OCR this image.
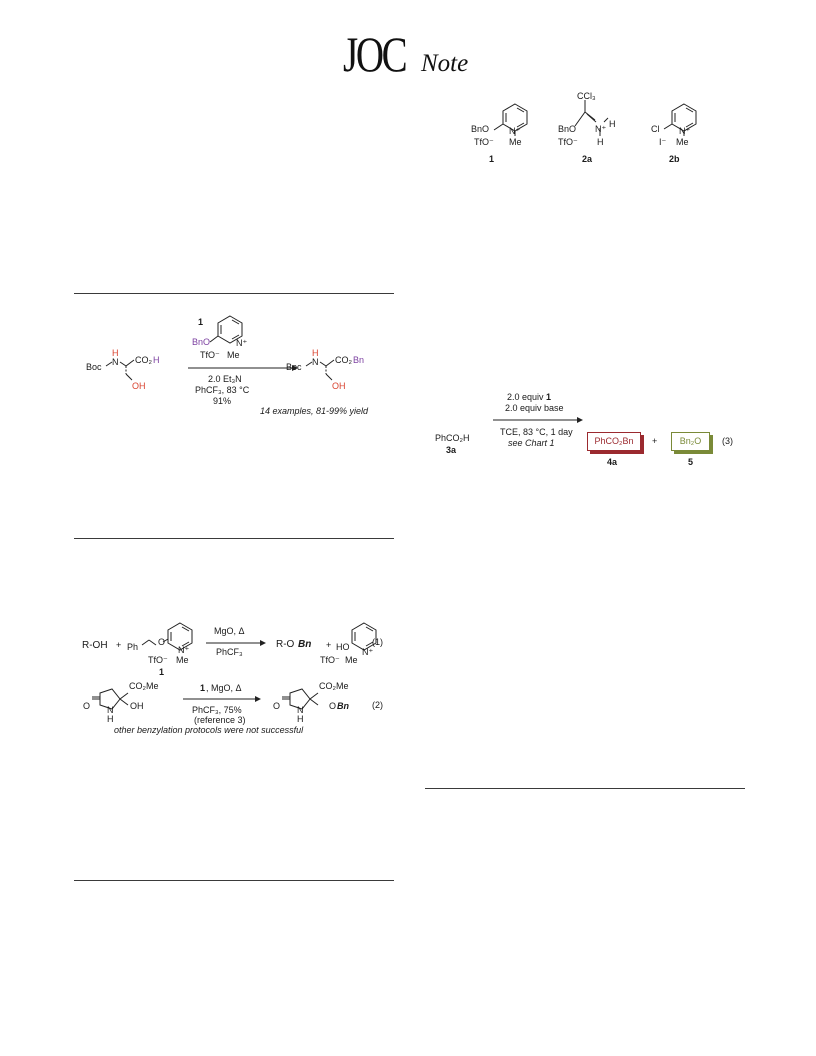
JOC Note
BnO N⁺
TfO⁻ Me
1
CCl₃
BnO N⁺ H
TfO⁻ H
2a
Cl N⁺
I⁻ Me
2b
1
BnO	N⁺
TfO⁻ Me
2.0 Et₃N
PhCF₃, 83 °C
91%
Boc
H
N CO₂ H
OH
Boc
H
N CO₂ Bn
OH
14 examples, 81-99% yield
R-OH + Ph O
N⁺
TfO⁻ Me
1
MgO, Δ
PhCF₃
R-O Bn + HO N⁺
TfO⁻ Me
(1)
CO₂Me
O	OH
N
H
1 , MgO, Δ
PhCF₃, 75%
(reference 3)
CO₂Me
O N
H
O Bn	(2)
other benzylation protocols were not successful
PhCO₂H
3a
2.0 equiv 1
2.0 equiv base
TCE, 83 °C, 1 day
see Chart 1	PhCO₂Bn
4a
+	Bn₂O
5
(3)
